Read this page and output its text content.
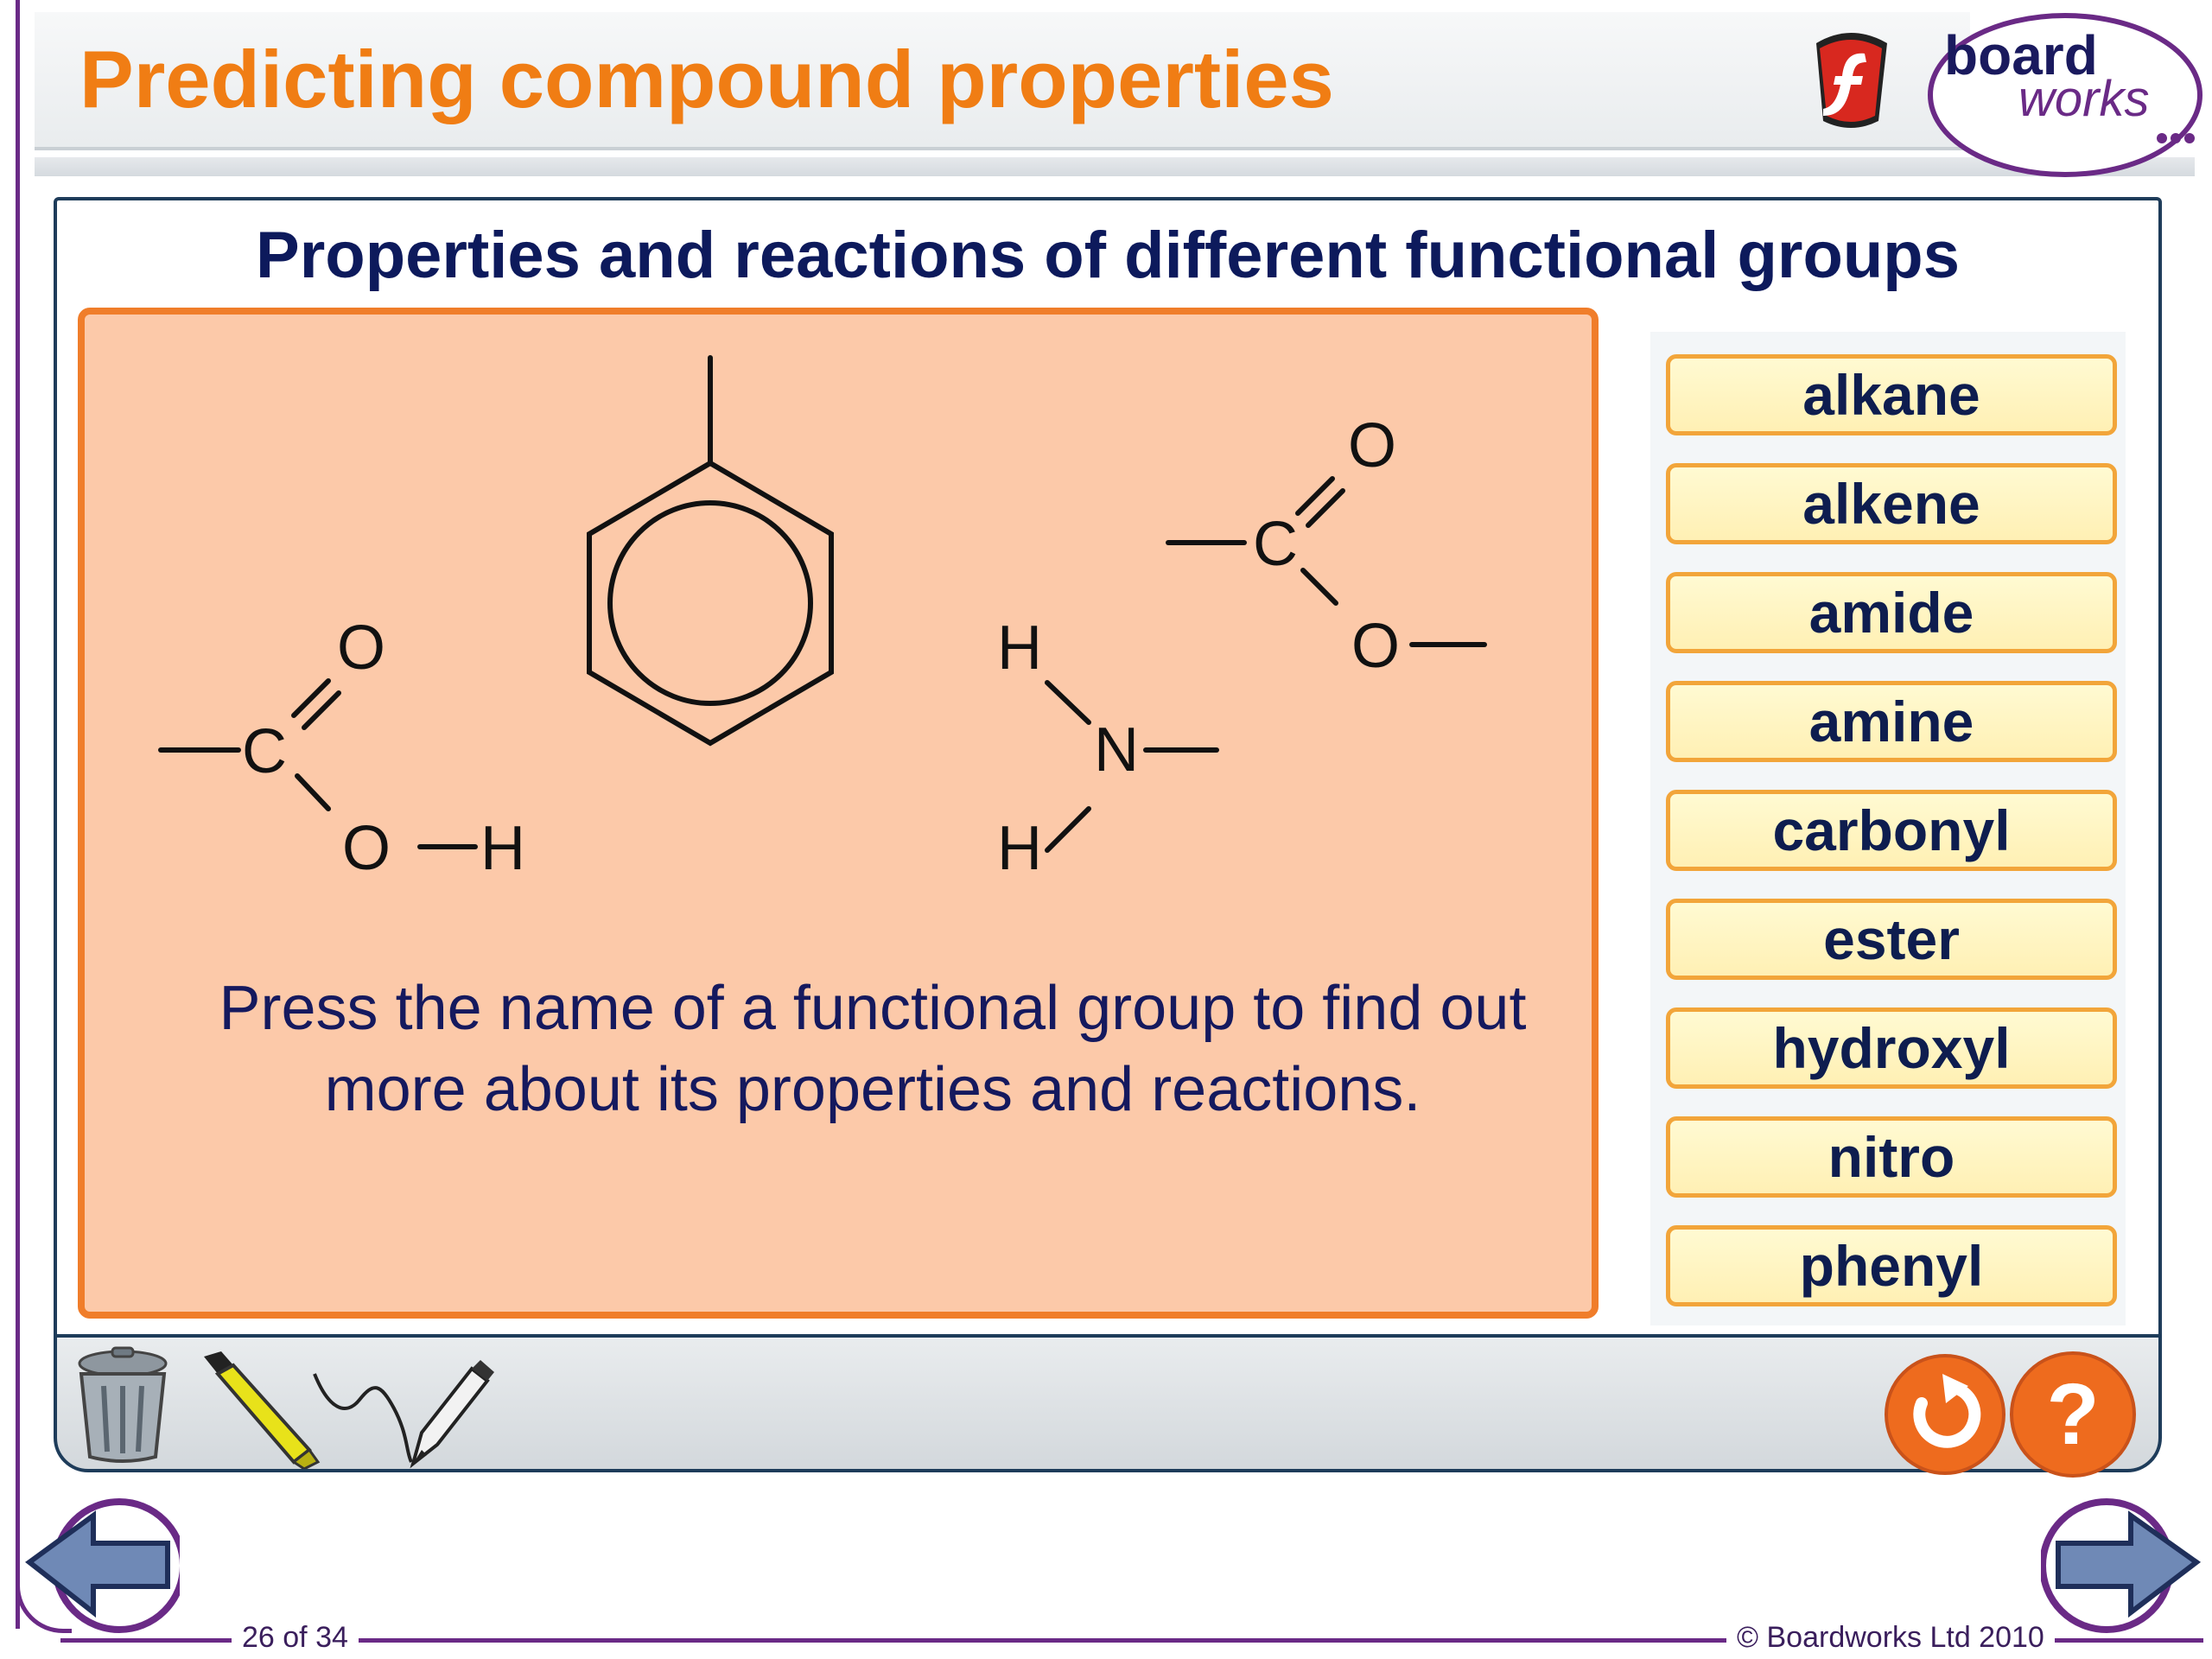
Predicting compound properties	board
works
Properties and reactions of different functional groups
O
C
O H
H
N
H
O
C
O
Press the name of a functional group to find out more about its properties and reactions.
alkane
alkene
amide
amine
carbonyl
ester
hydroxyl
nitro
phenyl
?
26 of 34	© Boardworks Ltd 2010
